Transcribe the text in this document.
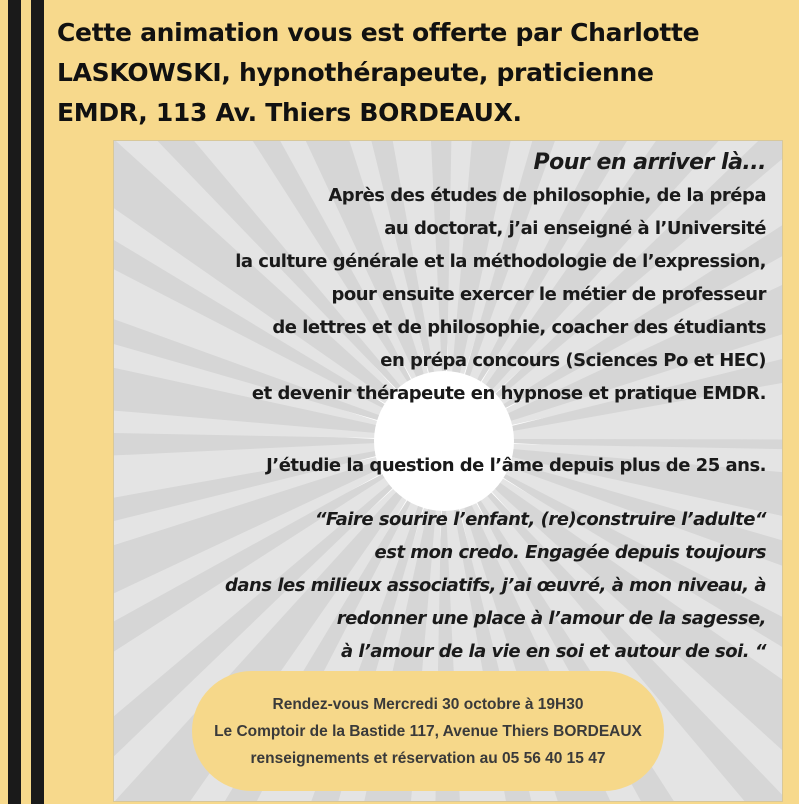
Cette animation vous est offerte par Charlotte
LASKOWSKI, hypnothérapeute, praticienne
EMDR, 113 Av. Thiers BORDEAUX.
Pour en arriver là...
Après des études de philosophie, de la prépa
au doctorat, j’ai enseigné à l’Université
la culture générale et la méthodologie de l’expression,
pour ensuite exercer le métier de professeur
de lettres et de philosophie, coacher des étudiants
en prépa concours (Sciences Po et HEC)
et devenir thérapeute en hypnose et pratique EMDR.
J’étudie la question de l’âme depuis plus de 25 ans.
“Faire sourire l’enfant, (re)construire l’adulte“
est mon credo. Engagée depuis toujours
dans les milieux associatifs, j’ai œuvré, à mon niveau, à
redonner une place à l’amour de la sagesse,
à l’amour de la vie en soi et autour de soi. “
Rendez-vous Mercredi 30 octobre à 19H30
Le Comptoir de la Bastide 117, Avenue Thiers BORDEAUX
renseignements et réservation au 05 56 40 15 47
